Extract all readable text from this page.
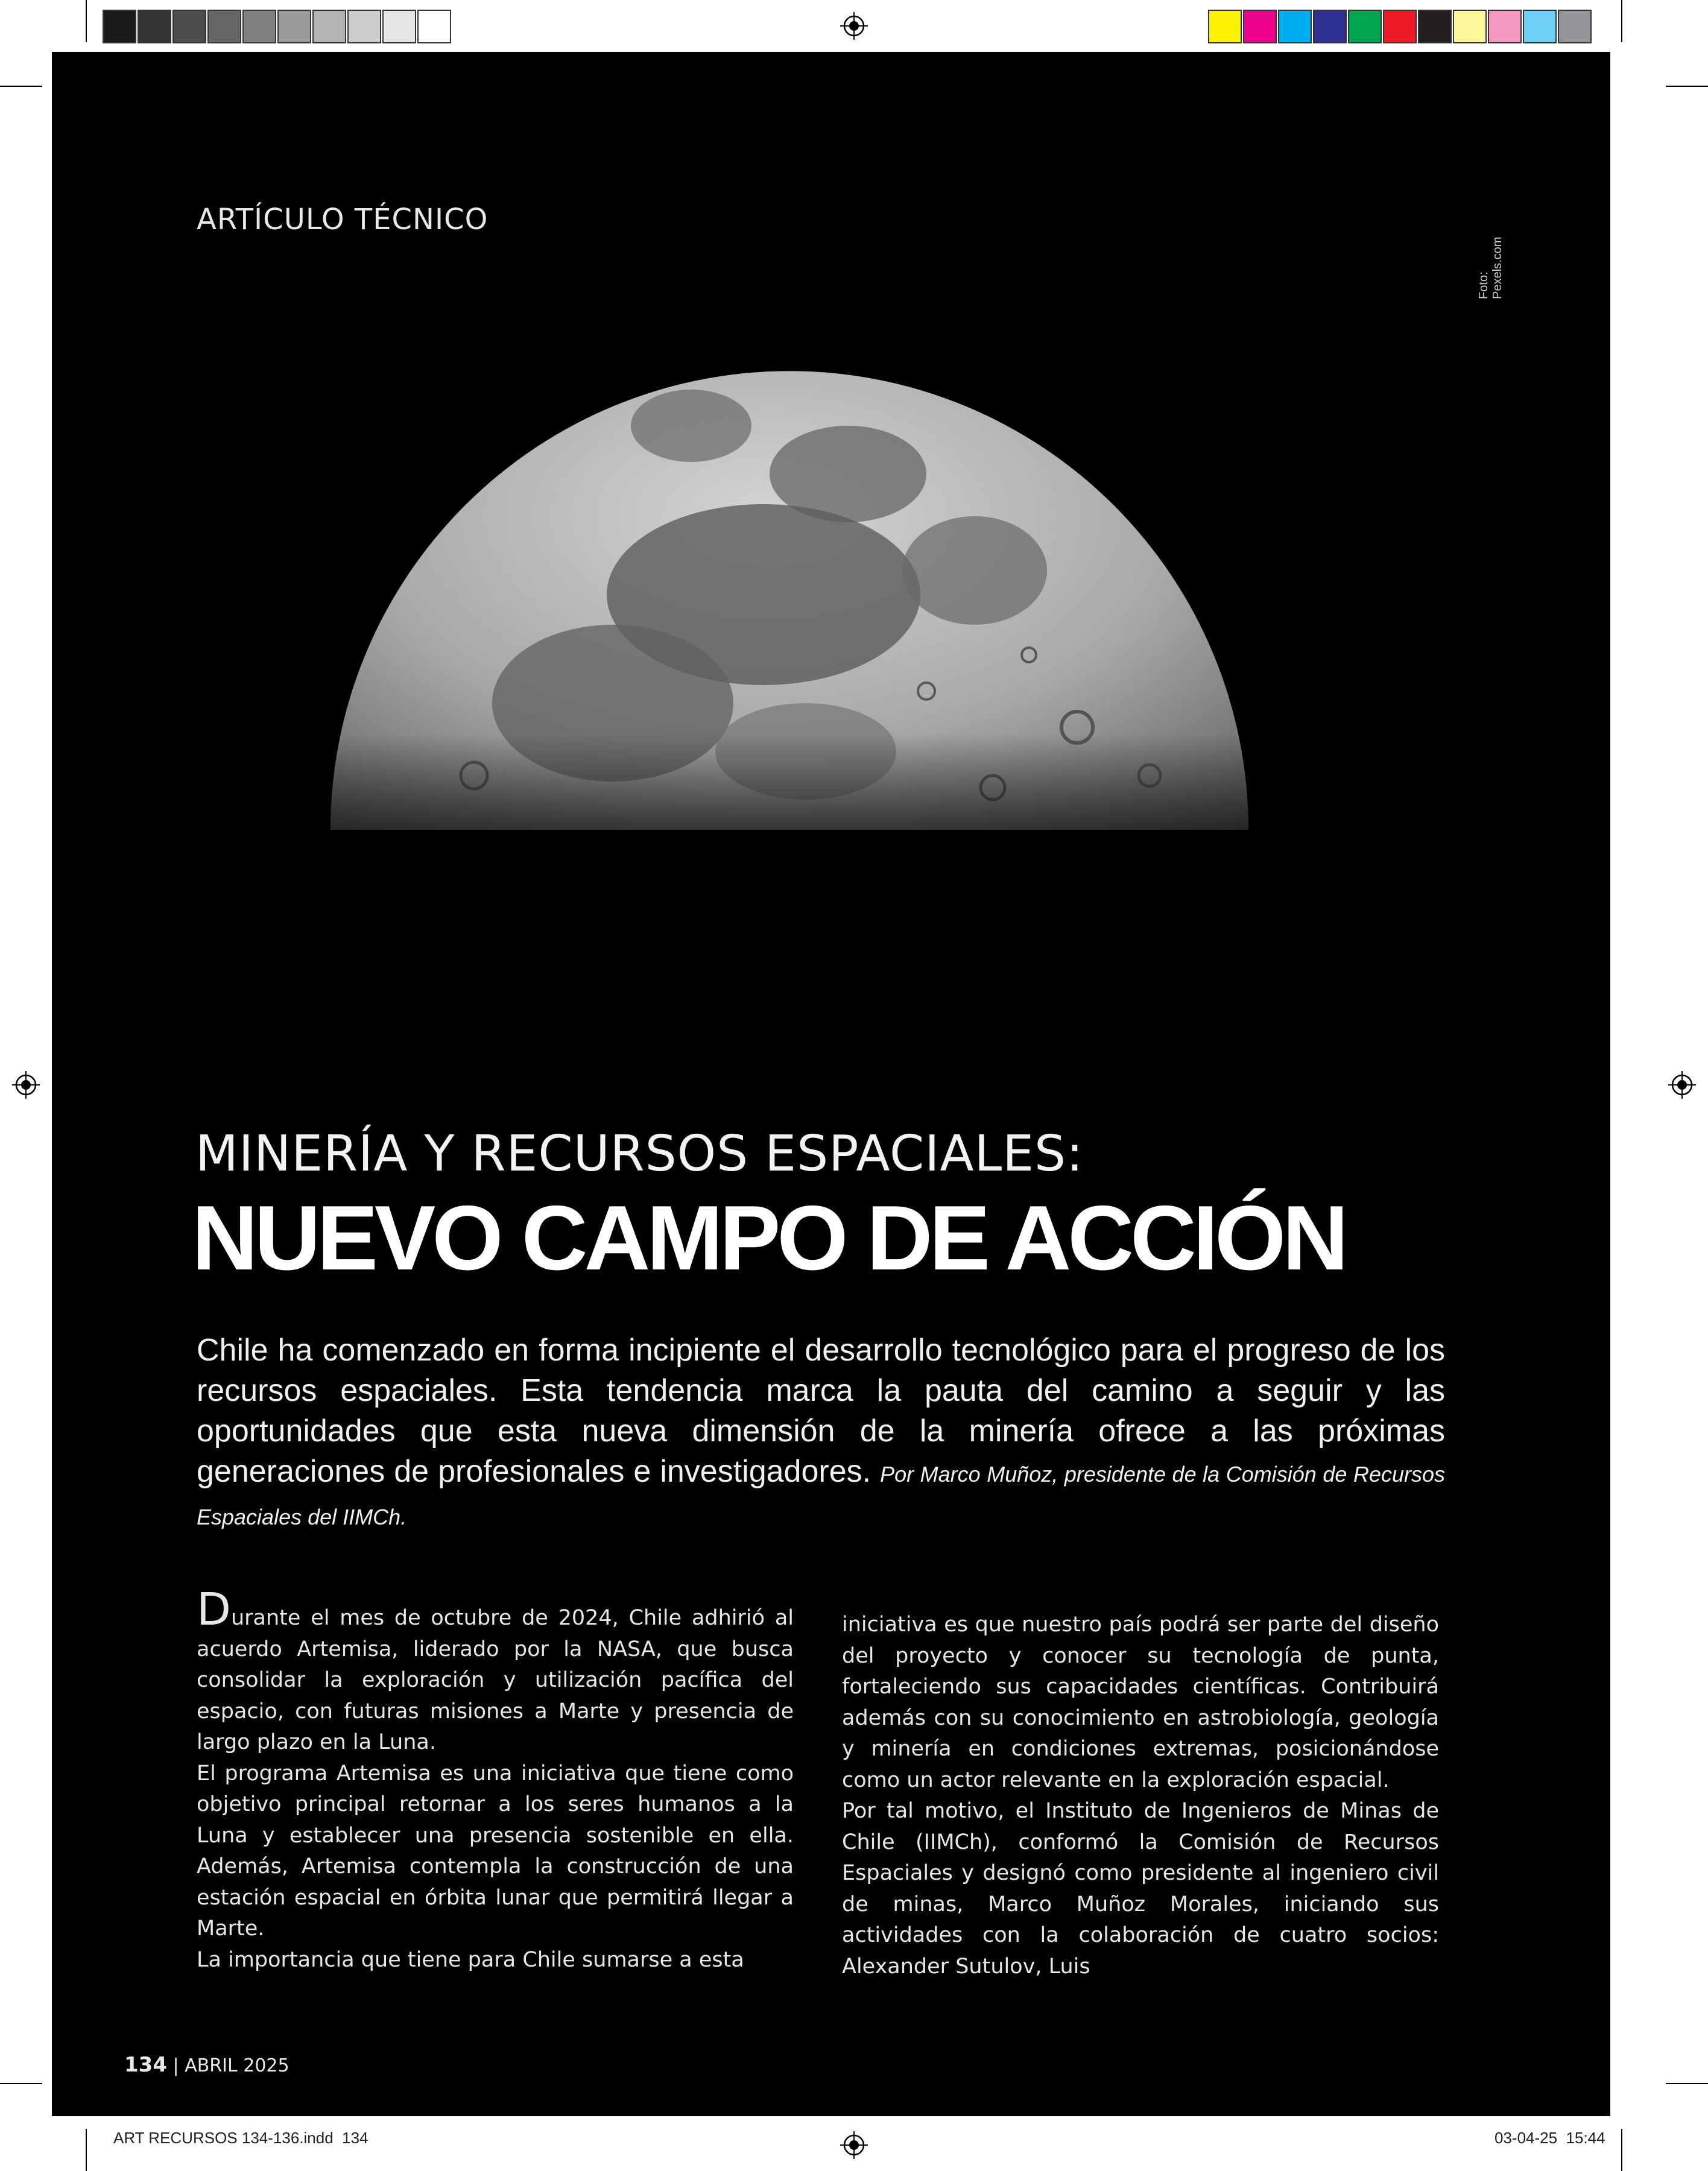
ARTÍCULO TÉCNICO
Foto: Pexels.com
MINERÍA Y RECURSOS ESPACIALES:
NUEVO CAMPO DE ACCIÓN
Chile ha comenzado en forma incipiente el desarrollo tecnológico para el progreso de los recursos espaciales. Esta tendencia marca la pauta del camino a seguir y las oportunidades que esta nueva dimensión de la minería ofrece a las próximas generaciones de profesionales e investigadores. Por Marco Muñoz, presidente de la Comisión de Recursos Espaciales del IIMCh.

Durante el mes de octubre de 2024, Chile adhirió al acuerdo Artemisa, liderado por la NASA, que busca consolidar la exploración y utilización pacífica del espacio, con futuras misiones a Marte y presencia de largo plazo en la Luna.

El programa Artemisa es una iniciativa que tiene como objetivo principal retornar a los seres humanos a la Luna y establecer una presencia sostenible en ella. Además, Artemisa contempla la construcción de una estación espacial en órbita lunar que permitirá llegar a Marte.

La importancia que tiene para Chile sumarse a esta

iniciativa es que nuestro país podrá ser parte del diseño del proyecto y conocer su tecnología de punta, fortaleciendo sus capacidades científicas. Contribuirá además con su conocimiento en astrobiología, geología y minería en condiciones extremas, posicionándose como un actor relevante en la exploración espacial.

Por tal motivo, el Instituto de Ingenieros de Minas de Chile (IIMCh), conformó la Comisión de Recursos Espaciales y designó como presidente al ingeniero civil de minas, Marco Muñoz Morales, iniciando sus actividades con la colaboración de cuatro socios: Alexander Sutulov, Luis

134 | ABRIL 2025
ART RECURSOS 134-136.indd 134	03-04-25 15:44
